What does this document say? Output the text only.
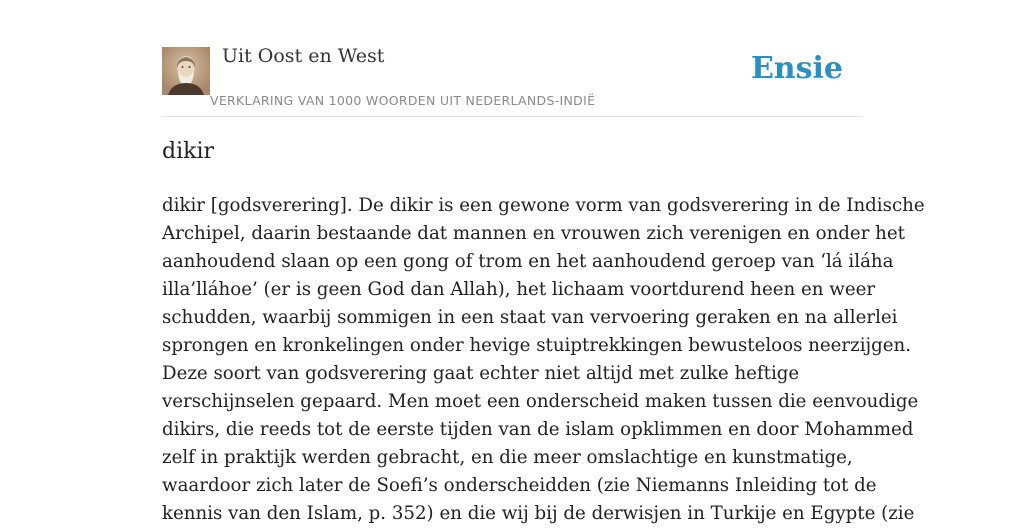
Uit Oost en West
VERKLARING VAN 1000 WOORDEN UIT NEDERLANDS-INDIË
Ensie
dikir
dikir [godsverering]. De dikir is een gewone vorm van godsverering in de Indische
Archipel, daarin bestaande dat mannen en vrouwen zich verenigen en onder het
aanhoudend slaan op een gong of trom en het aanhoudend geroep van ‘lá iláha
illa’lláhoe’ (er is geen God dan Allah), het lichaam voortdurend heen en weer
schudden, waarbij sommigen in een staat van vervoering geraken en na allerlei
sprongen en kronkelingen onder hevige stuiptrekkingen bewusteloos neerzijgen.
Deze soort van godsverering gaat echter niet altijd met zulke heftige
verschijnselen gepaard. Men moet een onderscheid maken tussen die eenvoudige
dikirs, die reeds tot de eerste tijden van de islam opklimmen en door Mohammed
zelf in praktijk werden gebracht, en die meer omslachtige en kunstmatige,
waardoor zich later de Soefi’s onderscheidden (zie Niemanns Inleiding tot de
kennis van den Islam, p. 352) en die wij bij de derwisjen in Turkije en Egypte (zie
